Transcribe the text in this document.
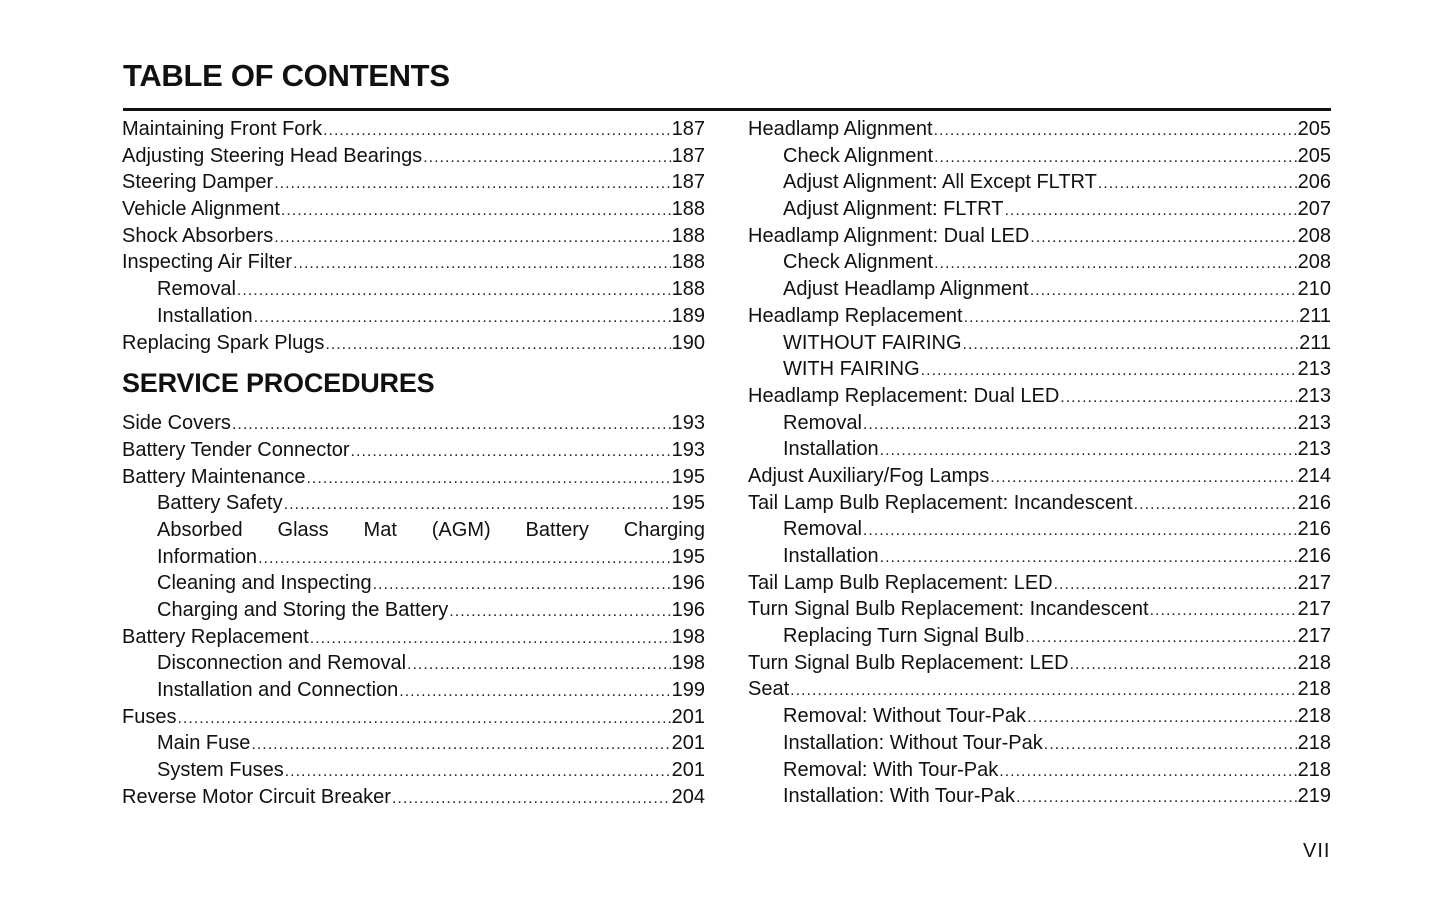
TABLE OF CONTENTS
Maintaining Front Fork .....	187
Adjusting Steering Head Bearings .....	187
Steering Damper .....	187
Vehicle Alignment .....	188
Shock Absorbers .....	188
Inspecting Air Filter .....	188
Removal .....	188
Installation .....	189
Replacing Spark Plugs .....	190
SERVICE PROCEDURES
Side Covers .....	193
Battery Tender Connector .....	193
Battery Maintenance .....	195
Battery Safety .....	195
Absorbed Glass Mat (AGM) Battery Charging
Information .....	195
Cleaning and Inspecting .....	196
Charging and Storing the Battery .....	196
Battery Replacement .....	198
Disconnection and Removal .....	198
Installation and Connection .....	199
Fuses .....	201
Main Fuse .....	201
System Fuses .....	201
Reverse Motor Circuit Breaker .....	204
Headlamp Alignment .....	205
Check Alignment .....	205
Adjust Alignment: All Except FLTRT .....	206
Adjust Alignment: FLTRT .....	207
Headlamp Alignment: Dual LED .....	208
Check Alignment .....	208
Adjust Headlamp Alignment .....	210
Headlamp Replacement .....	211
WITHOUT FAIRING .....	211
WITH FAIRING .....	213
Headlamp Replacement: Dual LED .....	213
Removal .....	213
Installation .....	213
Adjust Auxiliary/Fog Lamps .....	214
Tail Lamp Bulb Replacement: Incandescent .....	216
Removal .....	216
Installation .....	216
Tail Lamp Bulb Replacement: LED .....	217
Turn Signal Bulb Replacement: Incandescent .....	217
Replacing Turn Signal Bulb .....	217
Turn Signal Bulb Replacement: LED .....	218
Seat .....	218
Removal: Without Tour-Pak .....	218
Installation: Without Tour-Pak .....	218
Removal: With Tour-Pak .....	218
Installation: With Tour-Pak .....	219
VII
